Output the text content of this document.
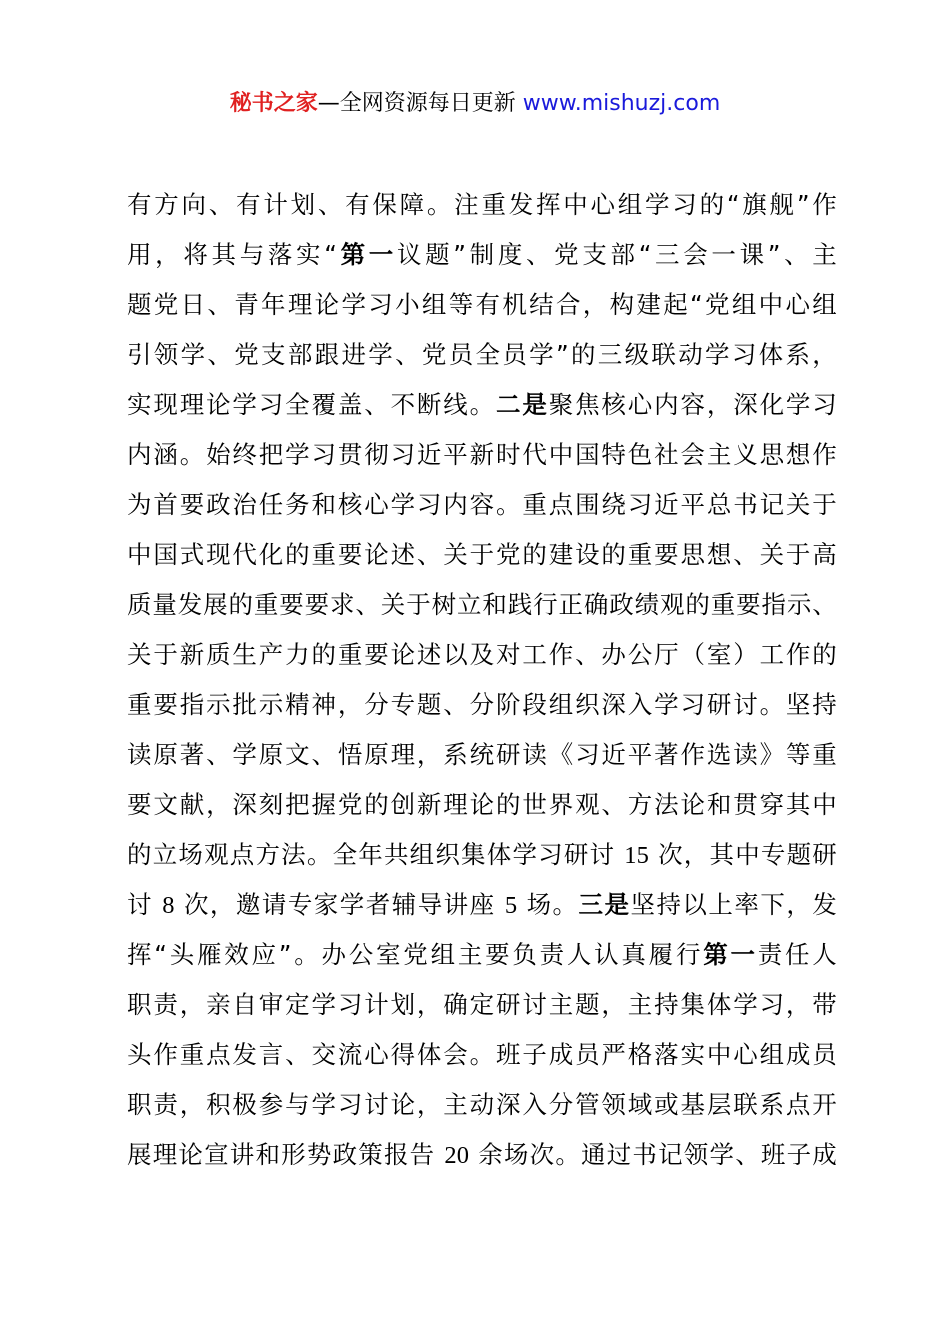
秘书之家—全网资源每日更新 www.mishuzj.com
有方向、有计划、有保障。注重发挥中心组学习的“旗舰”作
用，将其与落实“第一议题”制度、党支部“三会一课”、主
题党日、青年理论学习小组等有机结合，构建起“党组中心组
引领学、党支部跟进学、党员全员学”的三级联动学习体系，
实现理论学习全覆盖、不断线。二是聚焦核心内容，深化学习
内涵。始终把学习贯彻习近平新时代中国特色社会主义思想作
为首要政治任务和核心学习内容。重点围绕习近平总书记关于
中国式现代化的重要论述、关于党的建设的重要思想、关于高
质量发展的重要要求、关于树立和践行正确政绩观的重要指示、
关于新质生产力的重要论述以及对工作、办公厅（室）工作的
重要指示批示精神，分专题、分阶段组织深入学习研讨。坚持
读原著、学原文、悟原理，系统研读《习近平著作选读》等重
要文献，深刻把握党的创新理论的世界观、方法论和贯穿其中
的立场观点方法。全年共组织集体学习研讨 15 次，其中专题研
讨 8 次，邀请专家学者辅导讲座 5 场。三是坚持以上率下，发
挥“头雁效应”。办公室党组主要负责人认真履行第一责任人
职责，亲自审定学习计划，确定研讨主题，主持集体学习，带
头作重点发言、交流心得体会。班子成员严格落实中心组成员
职责，积极参与学习讨论，主动深入分管领域或基层联系点开
展理论宣讲和形势政策报告 20 余场次。通过书记领学、班子成
